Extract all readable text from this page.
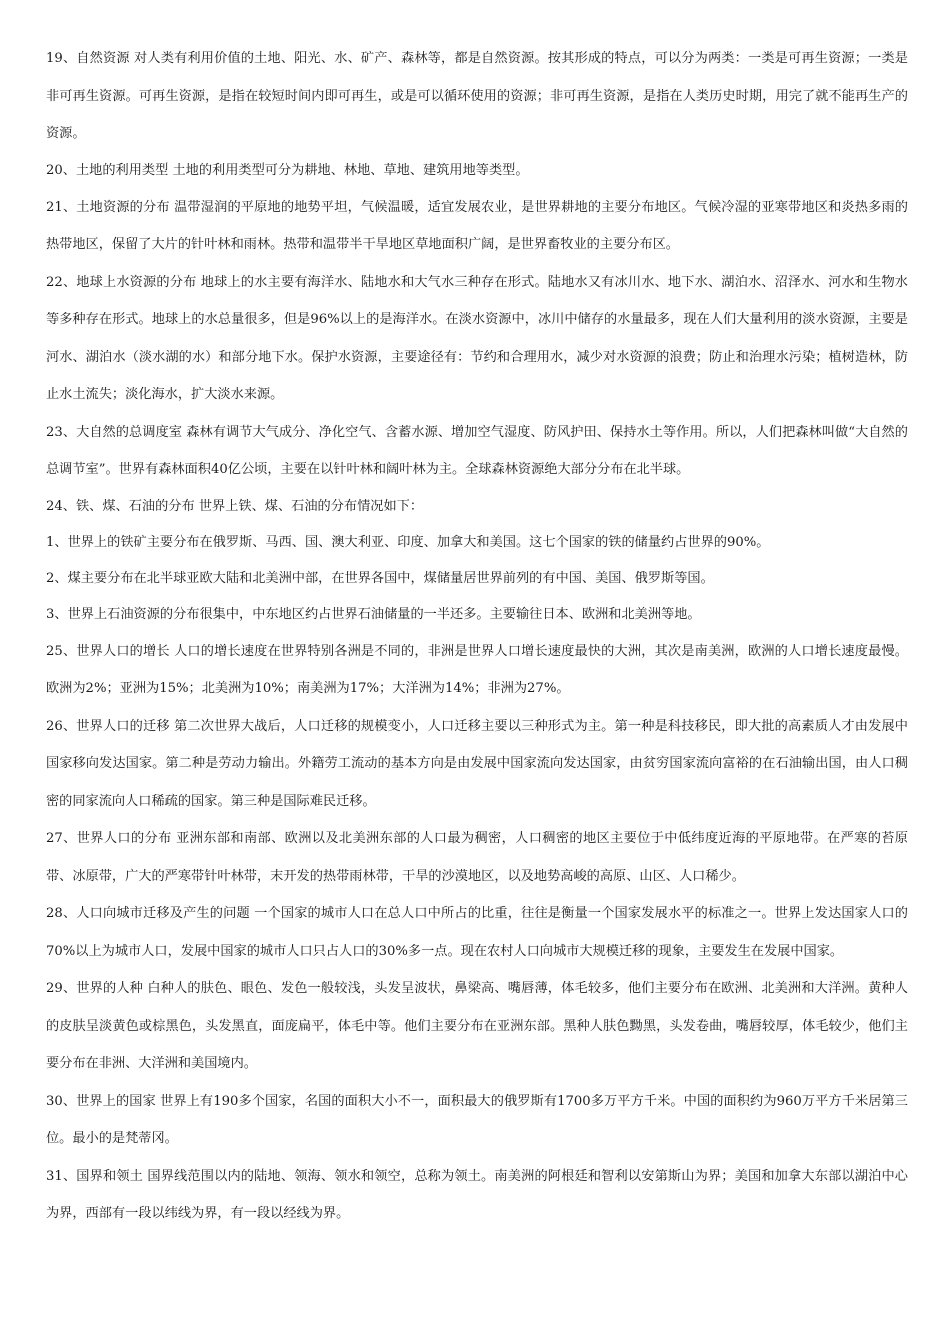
19、自然资源 对人类有利用价值的土地、阳光、水、矿产、森林等，都是自然资源。按其形成的特点，可以分为两类：一类是可再生资源；一类是非可再生资源。可再生资源，是指在较短时间内即可再生，或是可以循环使用的资源；非可再生资源，是指在人类历史时期，用完了就不能再生产的资源。

20、土地的利用类型 土地的利用类型可分为耕地、林地、草地、建筑用地等类型。

21、土地资源的分布 温带湿润的平原地的地势平坦，气候温暖，适宜发展农业，是世界耕地的主要分布地区。气候冷湿的亚寒带地区和炎热多雨的热带地区，保留了大片的针叶林和雨林。热带和温带半干旱地区草地面积广阔，是世界畜牧业的主要分布区。

22、地球上水资源的分布 地球上的水主要有海洋水、陆地水和大气水三种存在形式。陆地水又有冰川水、地下水、湖泊水、沼泽水、河水和生物水等多种存在形式。地球上的水总量很多，但是96%以上的是海洋水。在淡水资源中，冰川中储存的水量最多，现在人们大量利用的淡水资源，主要是河水、湖泊水（淡水湖的水）和部分地下水。保护水资源，主要途径有：节约和合理用水，减少对水资源的浪费；防止和治理水污染；植树造林，防止水土流失；淡化海水，扩大淡水来源。

23、大自然的总调度室 森林有调节大气成分、净化空气、含蓄水源、增加空气湿度、防风护田、保持水土等作用。所以，人们把森林叫做“大自然的总调节室”。世界有森林面积40亿公顷，主要在以针叶林和阔叶林为主。全球森林资源绝大部分分布在北半球。

24、铁、煤、石油的分布 世界上铁、煤、石油的分布情况如下：

1、世界上的铁矿主要分布在俄罗斯、马西、国、澳大利亚、印度、加拿大和美国。这七个国家的铁的储量约占世界的90%。

2、煤主要分布在北半球亚欧大陆和北美洲中部，在世界各国中，煤储量居世界前列的有中国、美国、俄罗斯等国。

3、世界上石油资源的分布很集中，中东地区约占世界石油储量的一半还多。主要输往日本、欧洲和北美洲等地。

25、世界人口的增长 人口的增长速度在世界特别各洲是不同的，非洲是世界人口增长速度最快的大洲，其次是南美洲，欧洲的人口增长速度最慢。欧洲为2%；亚洲为15%；北美洲为10%；南美洲为17%；大洋洲为14%；非洲为27%。

26、世界人口的迁移 第二次世界大战后，人口迁移的规模变小，人口迁移主要以三种形式为主。第一种是科技移民，即大批的高素质人才由发展中国家移向发达国家。第二种是劳动力输出。外籍劳工流动的基本方向是由发展中国家流向发达国家，由贫穷国家流向富裕的在石油输出国，由人口稠密的同家流向人口稀疏的国家。第三种是国际难民迁移。

27、世界人口的分布 亚洲东部和南部、欧洲以及北美洲东部的人口最为稠密，人口稠密的地区主要位于中低纬度近海的平原地带。在严寒的苔原带、冰原带，广大的严寒带针叶林带，末开发的热带雨林带，干旱的沙漠地区，以及地势高峻的高原、山区、人口稀少。

28、人口向城市迁移及产生的问题 一个国家的城市人口在总人口中所占的比重，往往是衡量一个国家发展水平的标准之一。世界上发达国家人口的70%以上为城市人口，发展中国家的城市人口只占人口的30%多一点。现在农村人口向城市大规模迁移的现象，主要发生在发展中国家。

29、世界的人种 白种人的肤色、眼色、发色一般较浅，头发呈波状，鼻梁高、嘴唇薄，体毛较多，他们主要分布在欧洲、北美洲和大洋洲。黄种人的皮肤呈淡黄色或棕黑色，头发黑直，面庞扁平，体毛中等。他们主要分布在亚洲东部。黑种人肤色黝黑，头发卷曲，嘴唇较厚，体毛较少，他们主要分布在非洲、大洋洲和美国境内。

30、世界上的国家 世界上有190多个国家，名国的面积大小不一，面积最大的俄罗斯有1700多万平方千米。中国的面积约为960万平方千米居第三位。最小的是梵蒂冈。

31、国界和领土 国界线范围以内的陆地、领海、领水和领空，总称为领土。南美洲的阿根廷和智利以安第斯山为界；美国和加拿大东部以湖泊中心为界，西部有一段以纬线为界，有一段以经线为界。
